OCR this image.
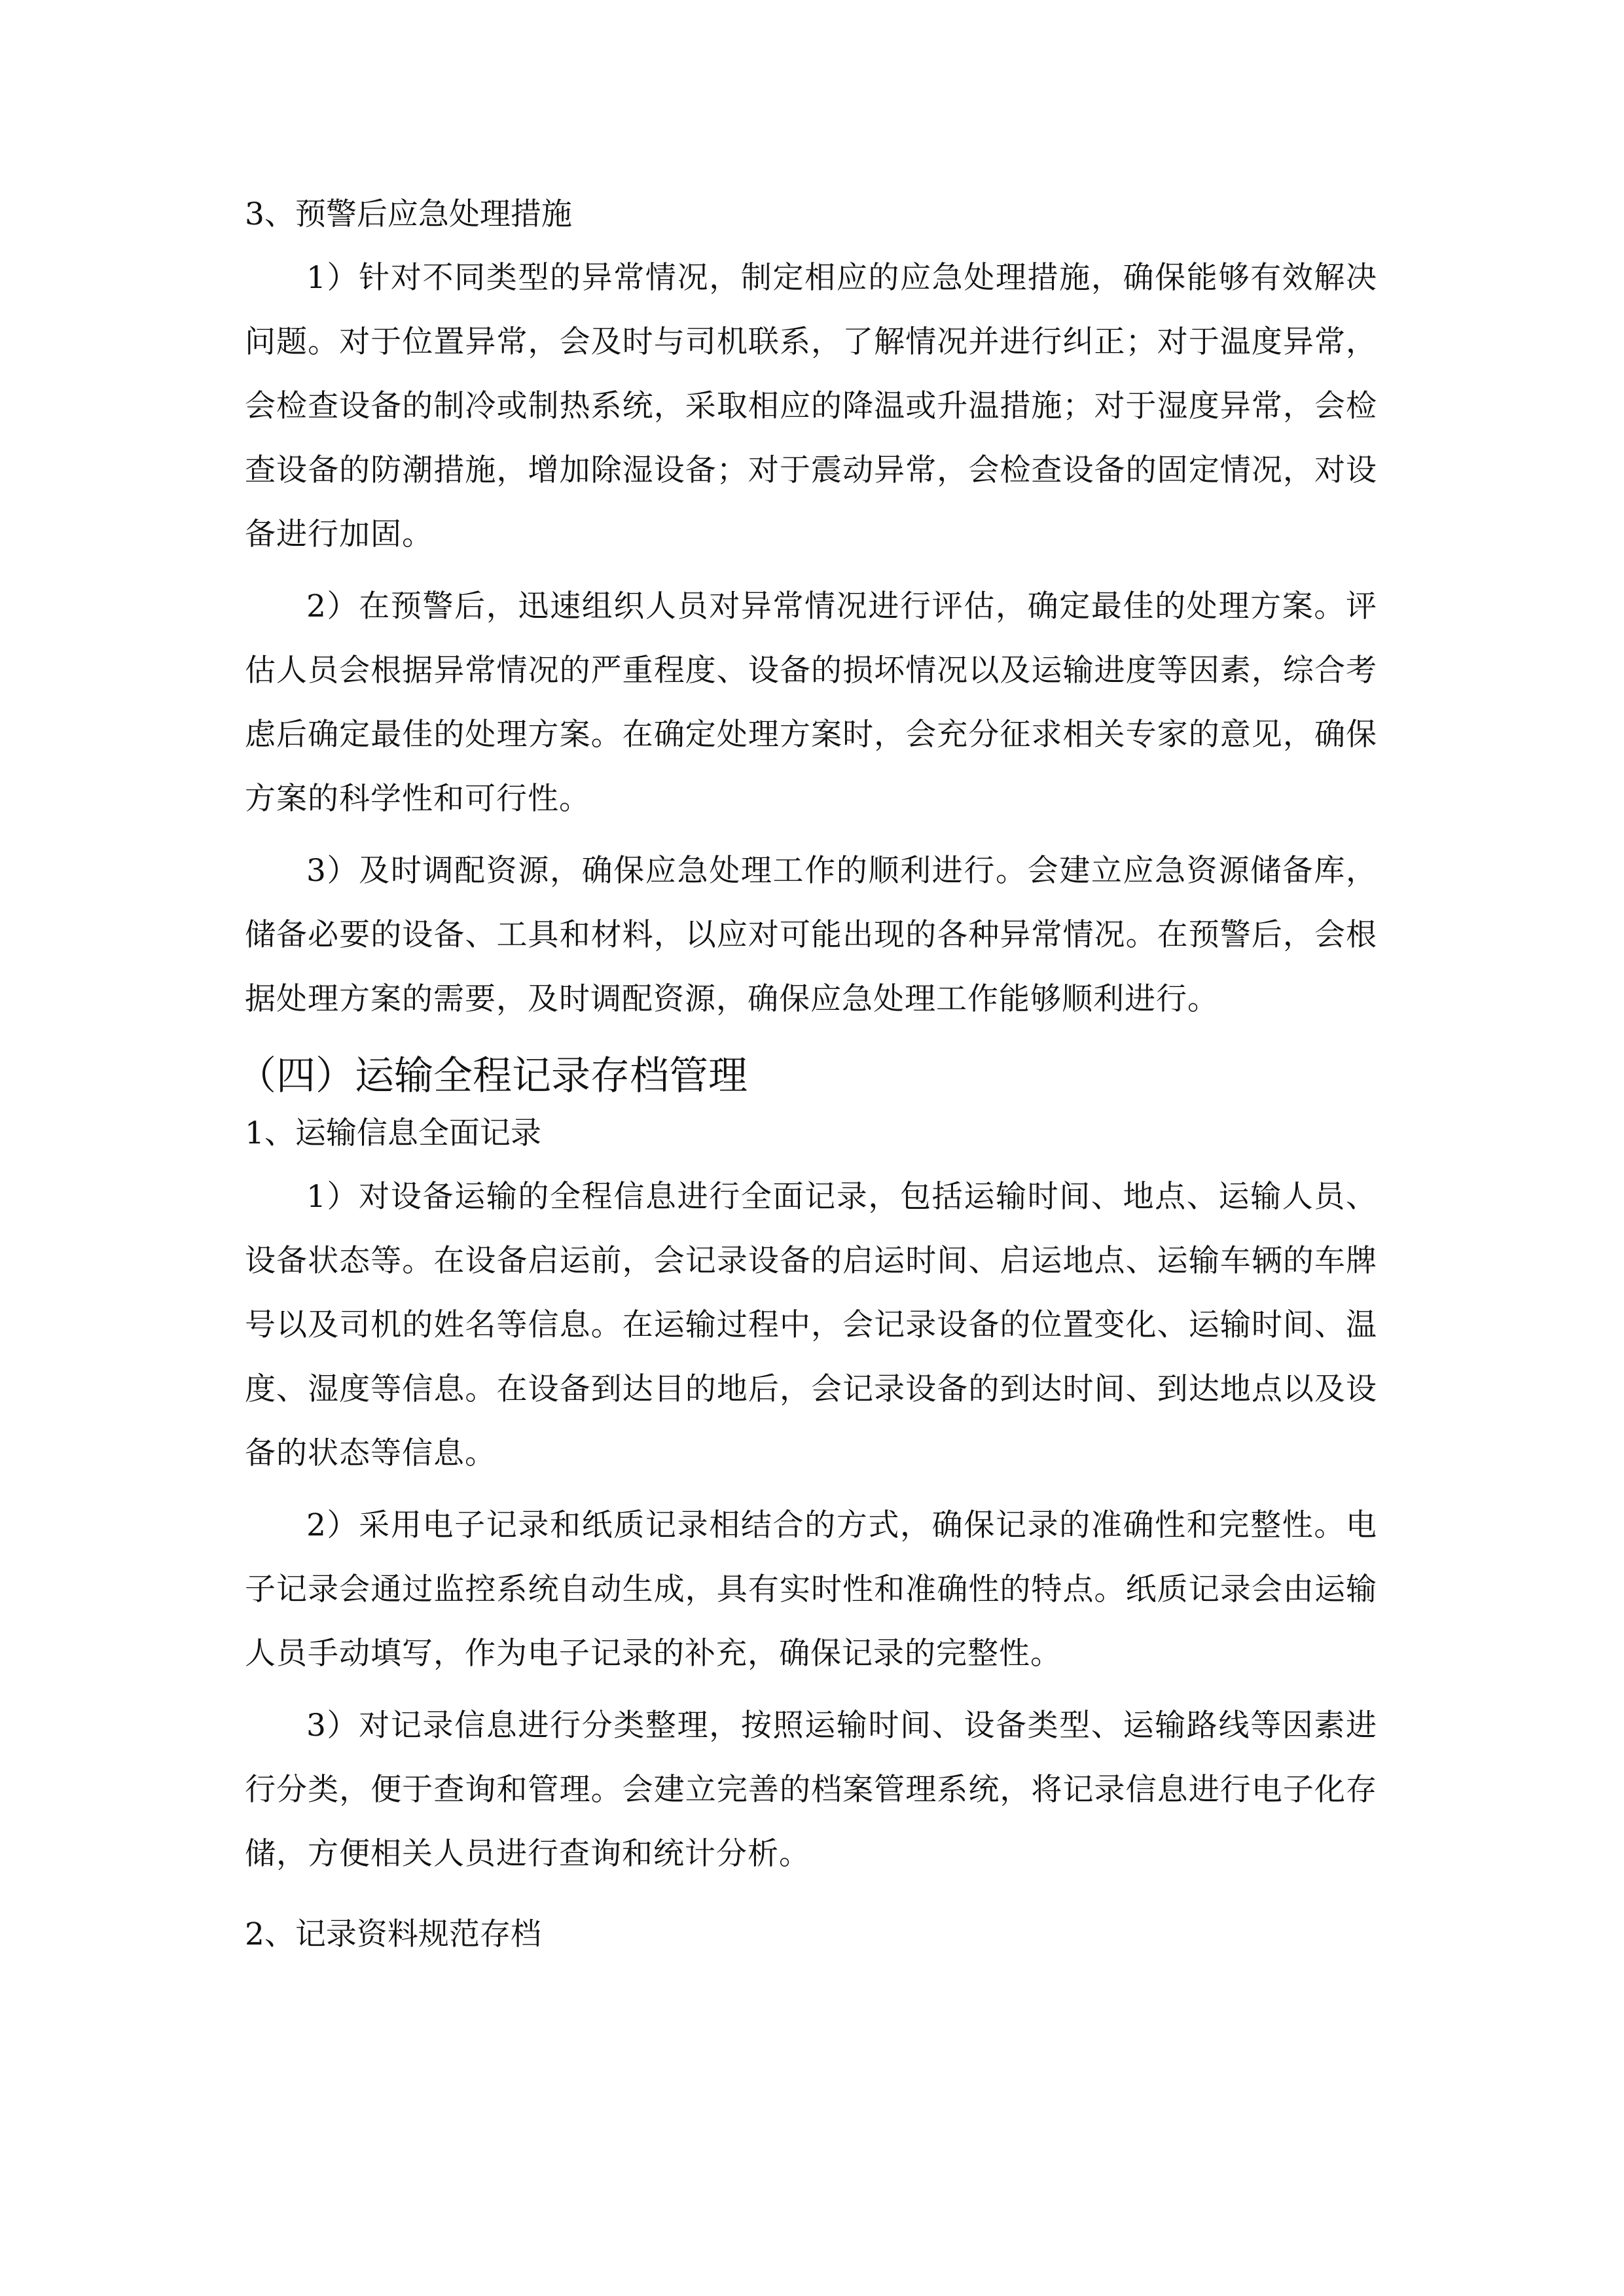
3、预警后应急处理措施

1）针对不同类型的异常情况，制定相应的应急处理措施，确保能够有效解决问题。对于位置异常，会及时与司机联系，了解情况并进行纠正；对于温度异常，会检查设备的制冷或制热系统，采取相应的降温或升温措施；对于湿度异常，会检查设备的防潮措施，增加除湿设备；对于震动异常，会检查设备的固定情况，对设备进行加固。

2）在预警后，迅速组织人员对异常情况进行评估，确定最佳的处理方案。评估人员会根据异常情况的严重程度、设备的损坏情况以及运输进度等因素，综合考虑后确定最佳的处理方案。在确定处理方案时，会充分征求相关专家的意见，确保方案的科学性和可行性。

3）及时调配资源，确保应急处理工作的顺利进行。会建立应急资源储备库，储备必要的设备、工具和材料，以应对可能出现的各种异常情况。在预警后，会根据处理方案的需要，及时调配资源，确保应急处理工作能够顺利进行。

（四）运输全程记录存档管理

1、运输信息全面记录

1）对设备运输的全程信息进行全面记录，包括运输时间、地点、运输人员、设备状态等。在设备启运前，会记录设备的启运时间、启运地点、运输车辆的车牌号以及司机的姓名等信息。在运输过程中，会记录设备的位置变化、运输时间、温度、湿度等信息。在设备到达目的地后，会记录设备的到达时间、到达地点以及设备的状态等信息。

2）采用电子记录和纸质记录相结合的方式，确保记录的准确性和完整性。电子记录会通过监控系统自动生成，具有实时性和准确性的特点。纸质记录会由运输人员手动填写，作为电子记录的补充，确保记录的完整性。

3）对记录信息进行分类整理，按照运输时间、设备类型、运输路线等因素进行分类，便于查询和管理。会建立完善的档案管理系统，将记录信息进行电子化存储，方便相关人员进行查询和统计分析。

2、记录资料规范存档
